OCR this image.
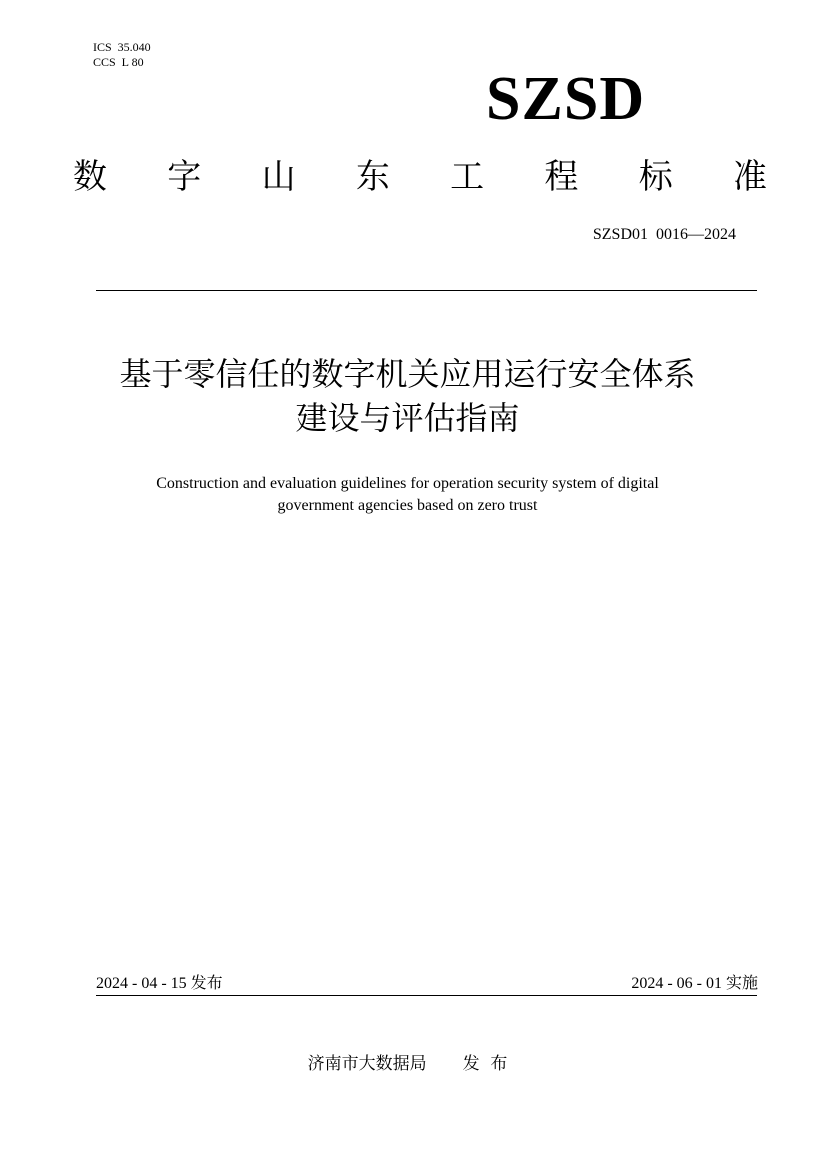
ICS  35.040
CCS  L 80
SZSD
数 字 山 东 工 程 标 准
SZSD01  0016—2024
基于零信任的数字机关应用运行安全体系
建设与评估指南
Construction and evaluation guidelines for operation security system of digital
government agencies based on zero trust
2024 - 04 - 15 发布	2024 - 06 - 01 实施
济南市大数据局 发  布
